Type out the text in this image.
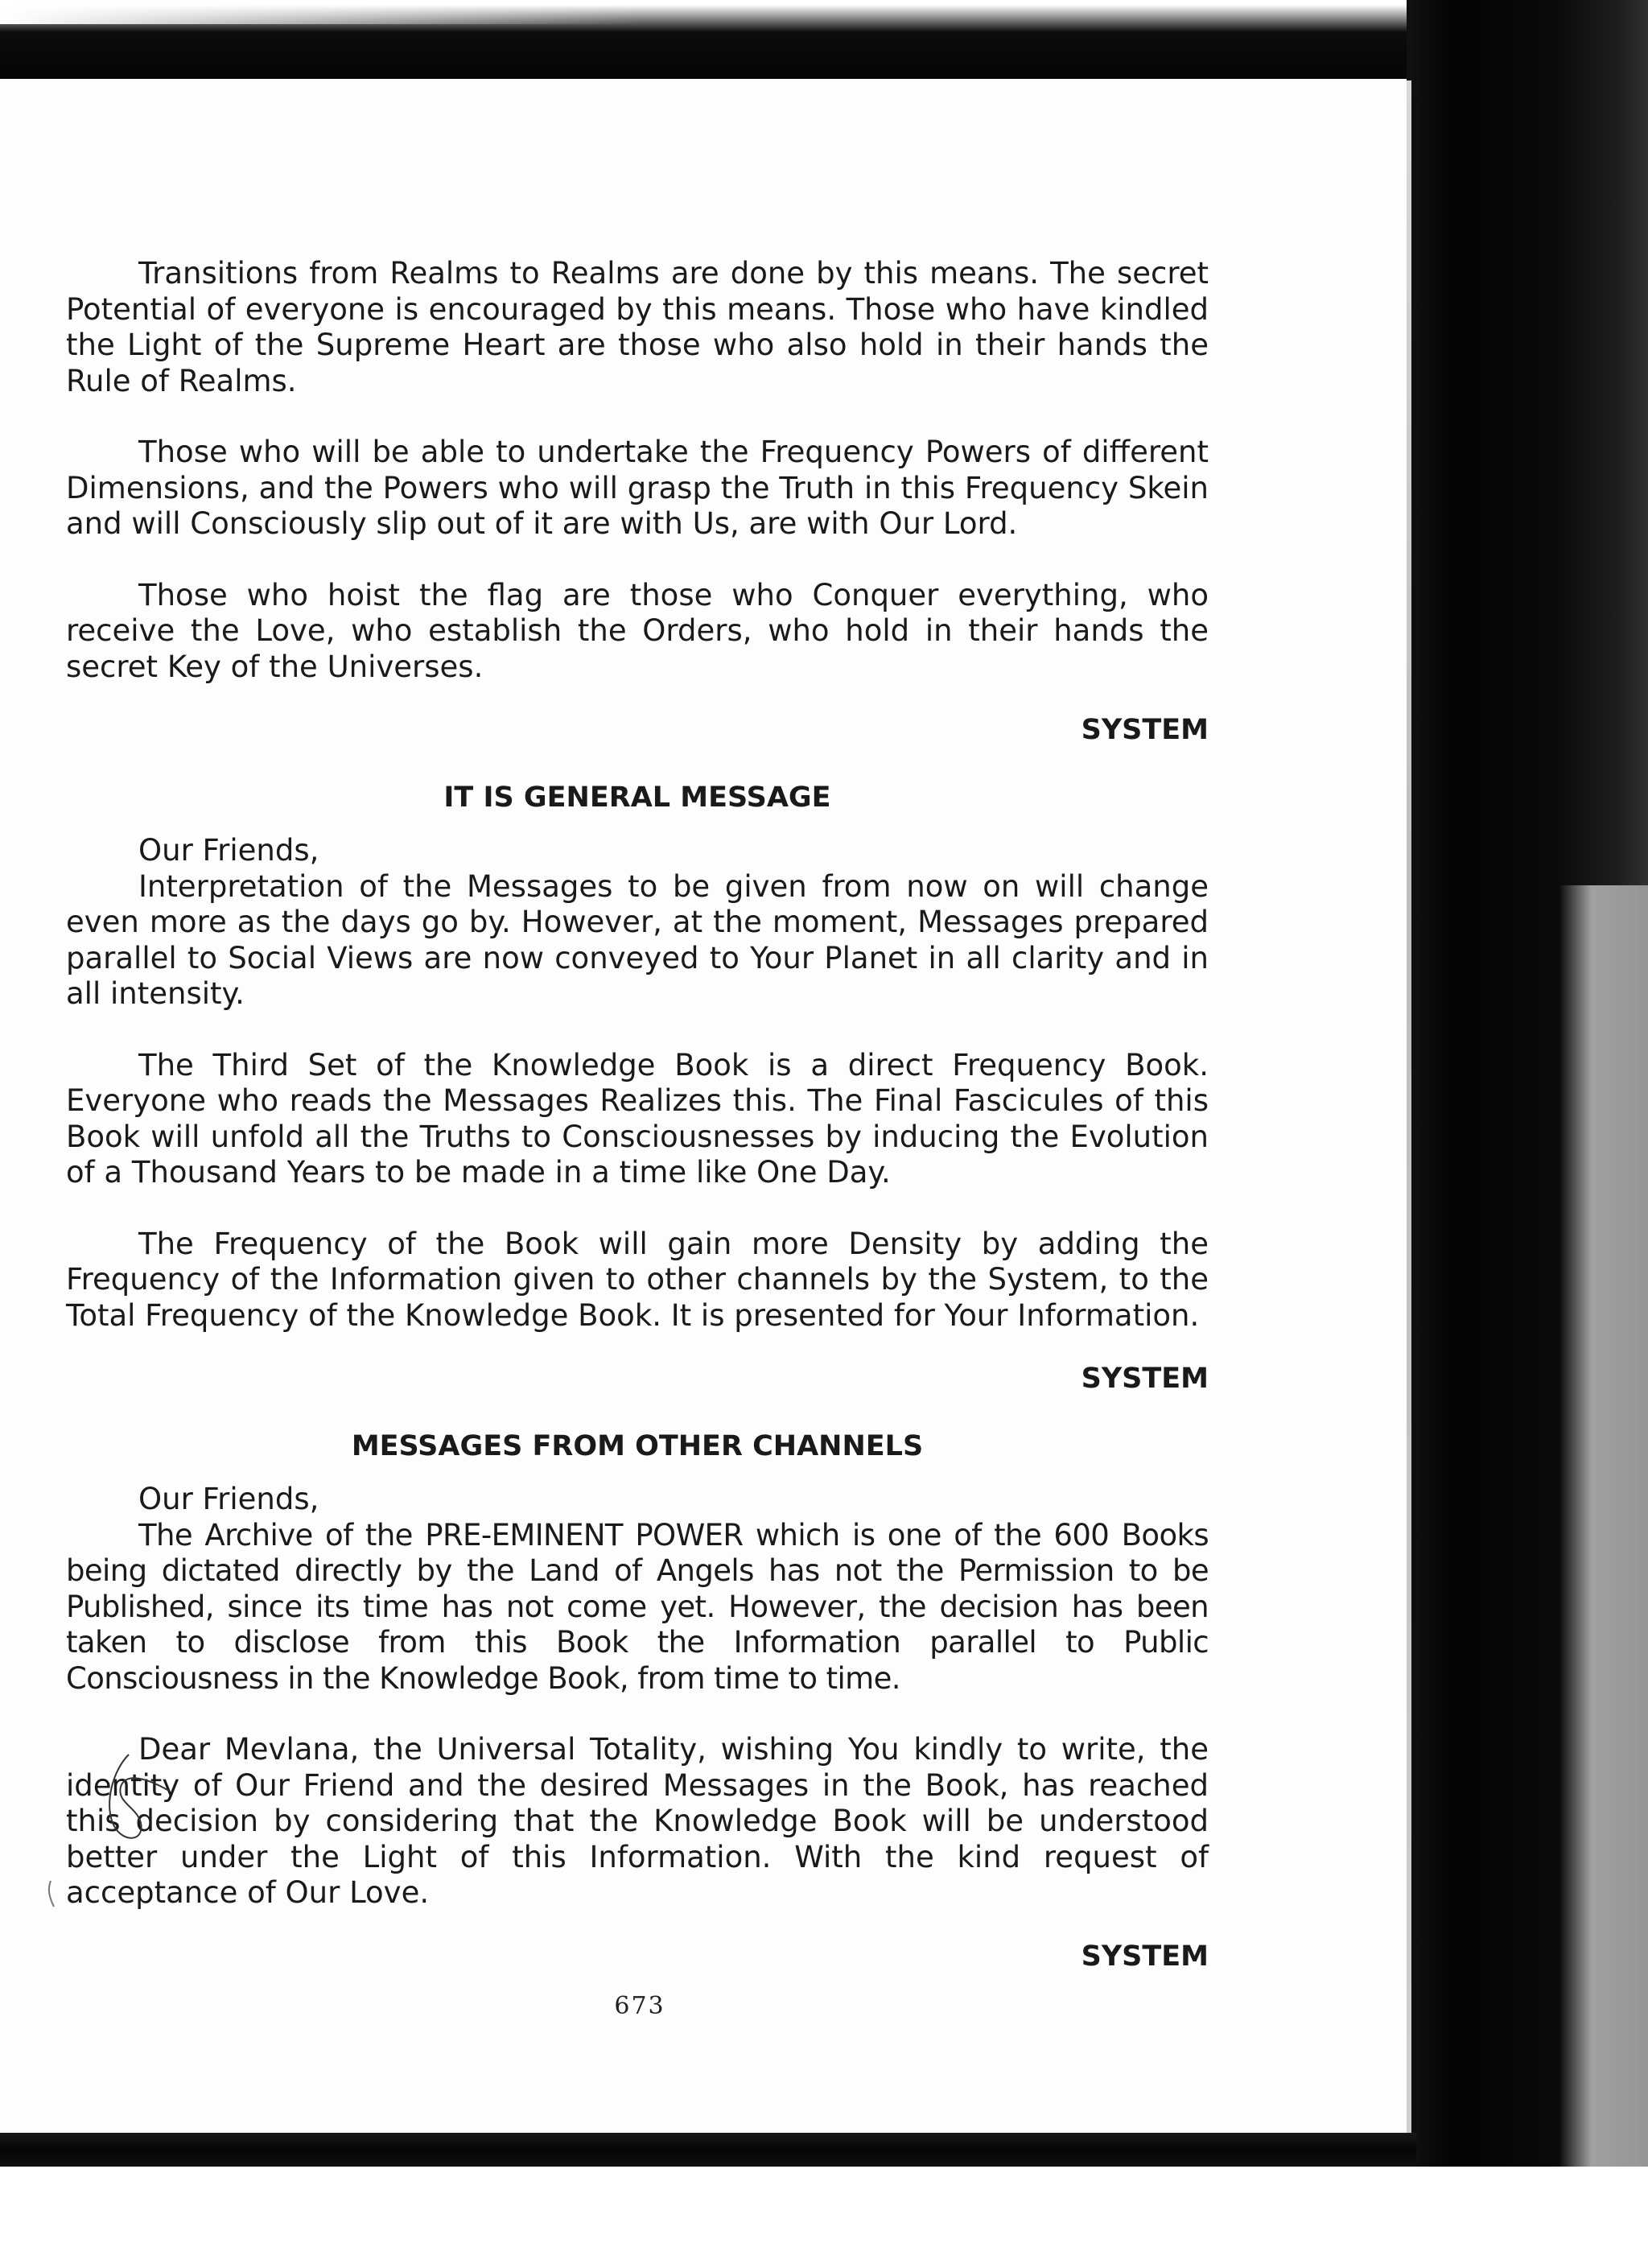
Transitions from Realms to Realms are done by this means. The secret Potential of everyone is encouraged by this means. Those who have kindled the Light of the Supreme Heart are those who also hold in their hands the Rule of Realms.

Those who will be able to undertake the Frequency Powers of different Dimensions, and the Powers who will grasp the Truth in this Frequency Skein and will Consciously slip out of it are with Us, are with Our Lord.

Those who hoist the flag are those who Conquer everything, who receive the Love, who establish the Orders, who hold in their hands the secret Key of the Universes.

SYSTEM
IT IS GENERAL MESSAGE
Our Friends,

Interpretation of the Messages to be given from now on will change even more as the days go by. However, at the moment, Messages prepared parallel to Social Views are now conveyed to Your Planet in all clarity and in all intensity.

The Third Set of the Knowledge Book is a direct Frequency Book. Everyone who reads the Messages Realizes this. The Final Fascicules of this Book will unfold all the Truths to Consciousnesses by inducing the Evolution of a Thousand Years to be made in a time like One Day.

The Frequency of the Book will gain more Density by adding the Frequency of the Information given to other channels by the System, to the Total Frequency of the Knowledge Book. It is presented for Your Information.

SYSTEM
MESSAGES FROM OTHER CHANNELS
Our Friends,

The Archive of the PRE-EMINENT POWER which is one of the 600 Books being dictated directly by the Land of Angels has not the Permission to be Published, since its time has not come yet. However, the decision has been taken to disclose from this Book the Information parallel to Public Consciousness in the Knowledge Book, from time to time.

Dear Mevlana, the Universal Totality, wishing You kindly to write, the identity of Our Friend and the desired Messages in the Book, has reached this decision by considering that the Knowledge Book will be understood better under the Light of this Information. With the kind request of acceptance of Our Love.

SYSTEM
673
